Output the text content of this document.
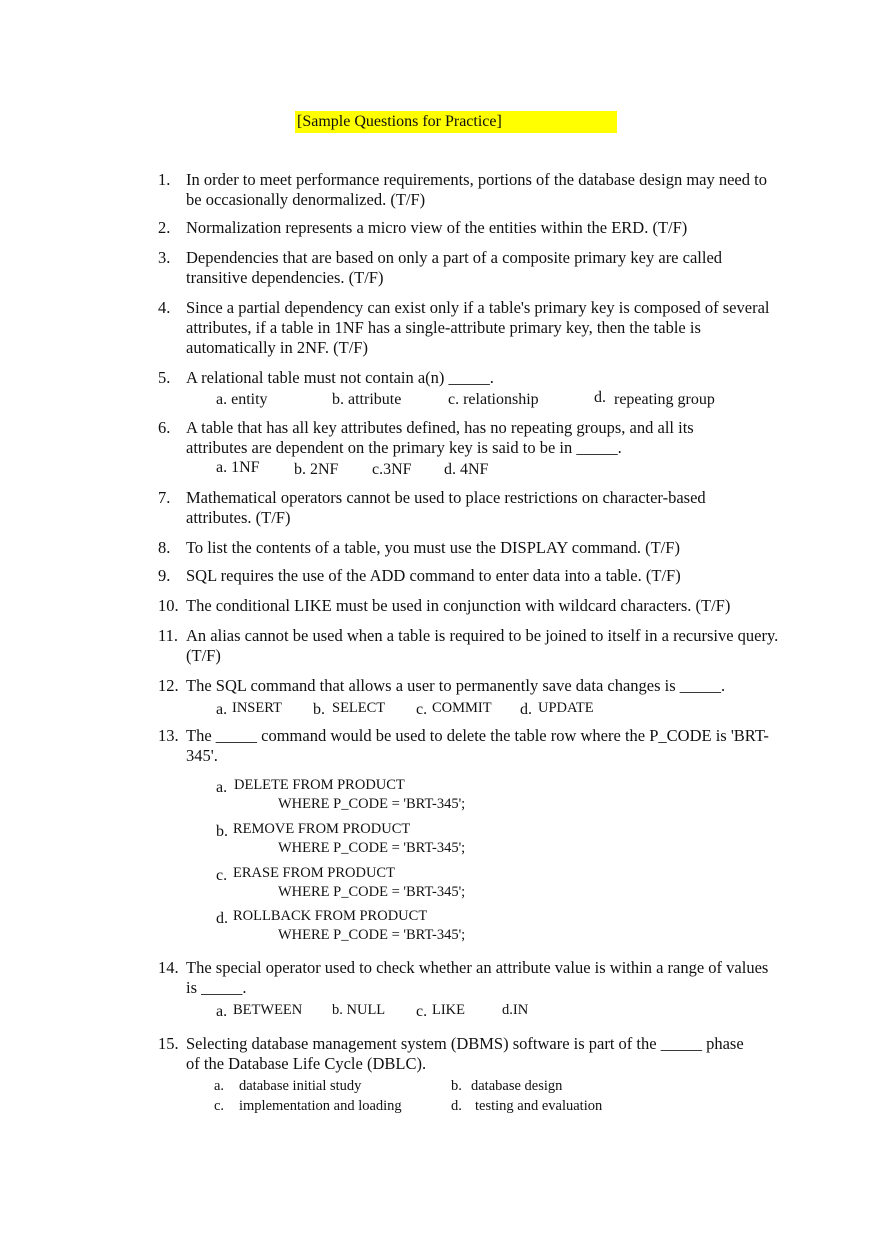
[Sample Questions for Practice]
1. In order to meet performance requirements, portions of the database design may need to be occasionally denormalized. (T/F)
2. Normalization represents a micro view of the entities within the ERD. (T/F)
3. Dependencies that are based on only a part of a composite primary key are called transitive dependencies. (T/F)
4. Since a partial dependency can exist only if a table's primary key is composed of several attributes, if a table in 1NF has a single-attribute primary key, then the table is automatically in 2NF. (T/F)
5. A relational table must not contain a(n) _____.
a. entity	b. attribute	c. relationship	d. repeating group
6. A table that has all key attributes defined, has no repeating groups, and all its attributes are dependent on the primary key is said to be in _____.
a. 1NF b. 2NF c.3NF d. 4NF
7. Mathematical operators cannot be used to place restrictions on character-based attributes. (T/F)
8. To list the contents of a table, you must use the DISPLAY command. (T/F)
9. SQL requires the use of the ADD command to enter data into a table. (T/F)
10. The conditional LIKE must be used in conjunction with wildcard characters. (T/F)
11. An alias cannot be used when a table is required to be joined to itself in a recursive query. (T/F)
12. The SQL command that allows a user to permanently save data changes is _____.
a. INSERT b. SELECT c. COMMIT d. UPDATE
13. The _____ command would be used to delete the table row where the P_CODE is 'BRT-345'.
a. DELETE FROM PRODUCT
WHERE P_CODE = 'BRT-345';
b. REMOVE FROM PRODUCT
WHERE P_CODE = 'BRT-345';
c. ERASE FROM PRODUCT
WHERE P_CODE = 'BRT-345';
d. ROLLBACK FROM PRODUCT
WHERE P_CODE = 'BRT-345';
14. The special operator used to check whether an attribute value is within a range of values is _____.
a. BETWEEN b. NULL c. LIKE	d.IN
15. Selecting database management system (DBMS) software is part of the _____ phase of the Database Life Cycle (DBLC).
a. database initial study	b. database design
c. implementation and loading	d. testing and evaluation
